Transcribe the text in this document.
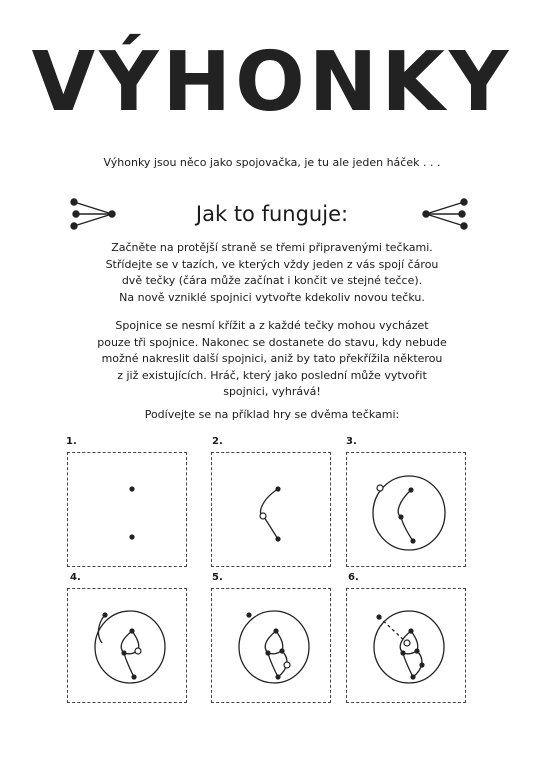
VÝHONKY
Výhonky jsou něco jako spojovačka, je tu ale jeden háček . . .
Jak to funguje:
Začněte na protější straně se třemi připravenými tečkami.
Střídejte se v tazích, ve kterých vždy jeden z vás spojí čárou
dvě tečky (čára může začínat i končit ve stejné tečce).
Na nově vzniklé spojnici vytvořte kdekoliv novou tečku.
Spojnice se nesmí křížit a z každé tečky mohou vycházet
pouze tři spojnice. Nakonec se dostanete do stavu, kdy nebude
možné nakreslit další spojnici, aniž by tato překřížila některou
z již existujících. Hráč, který jako poslední může vytvořit
spojnici, vyhrává!
Podívejte se na příklad hry se dvěma tečkami:
1.	2.	3.
4.	5.	6.
